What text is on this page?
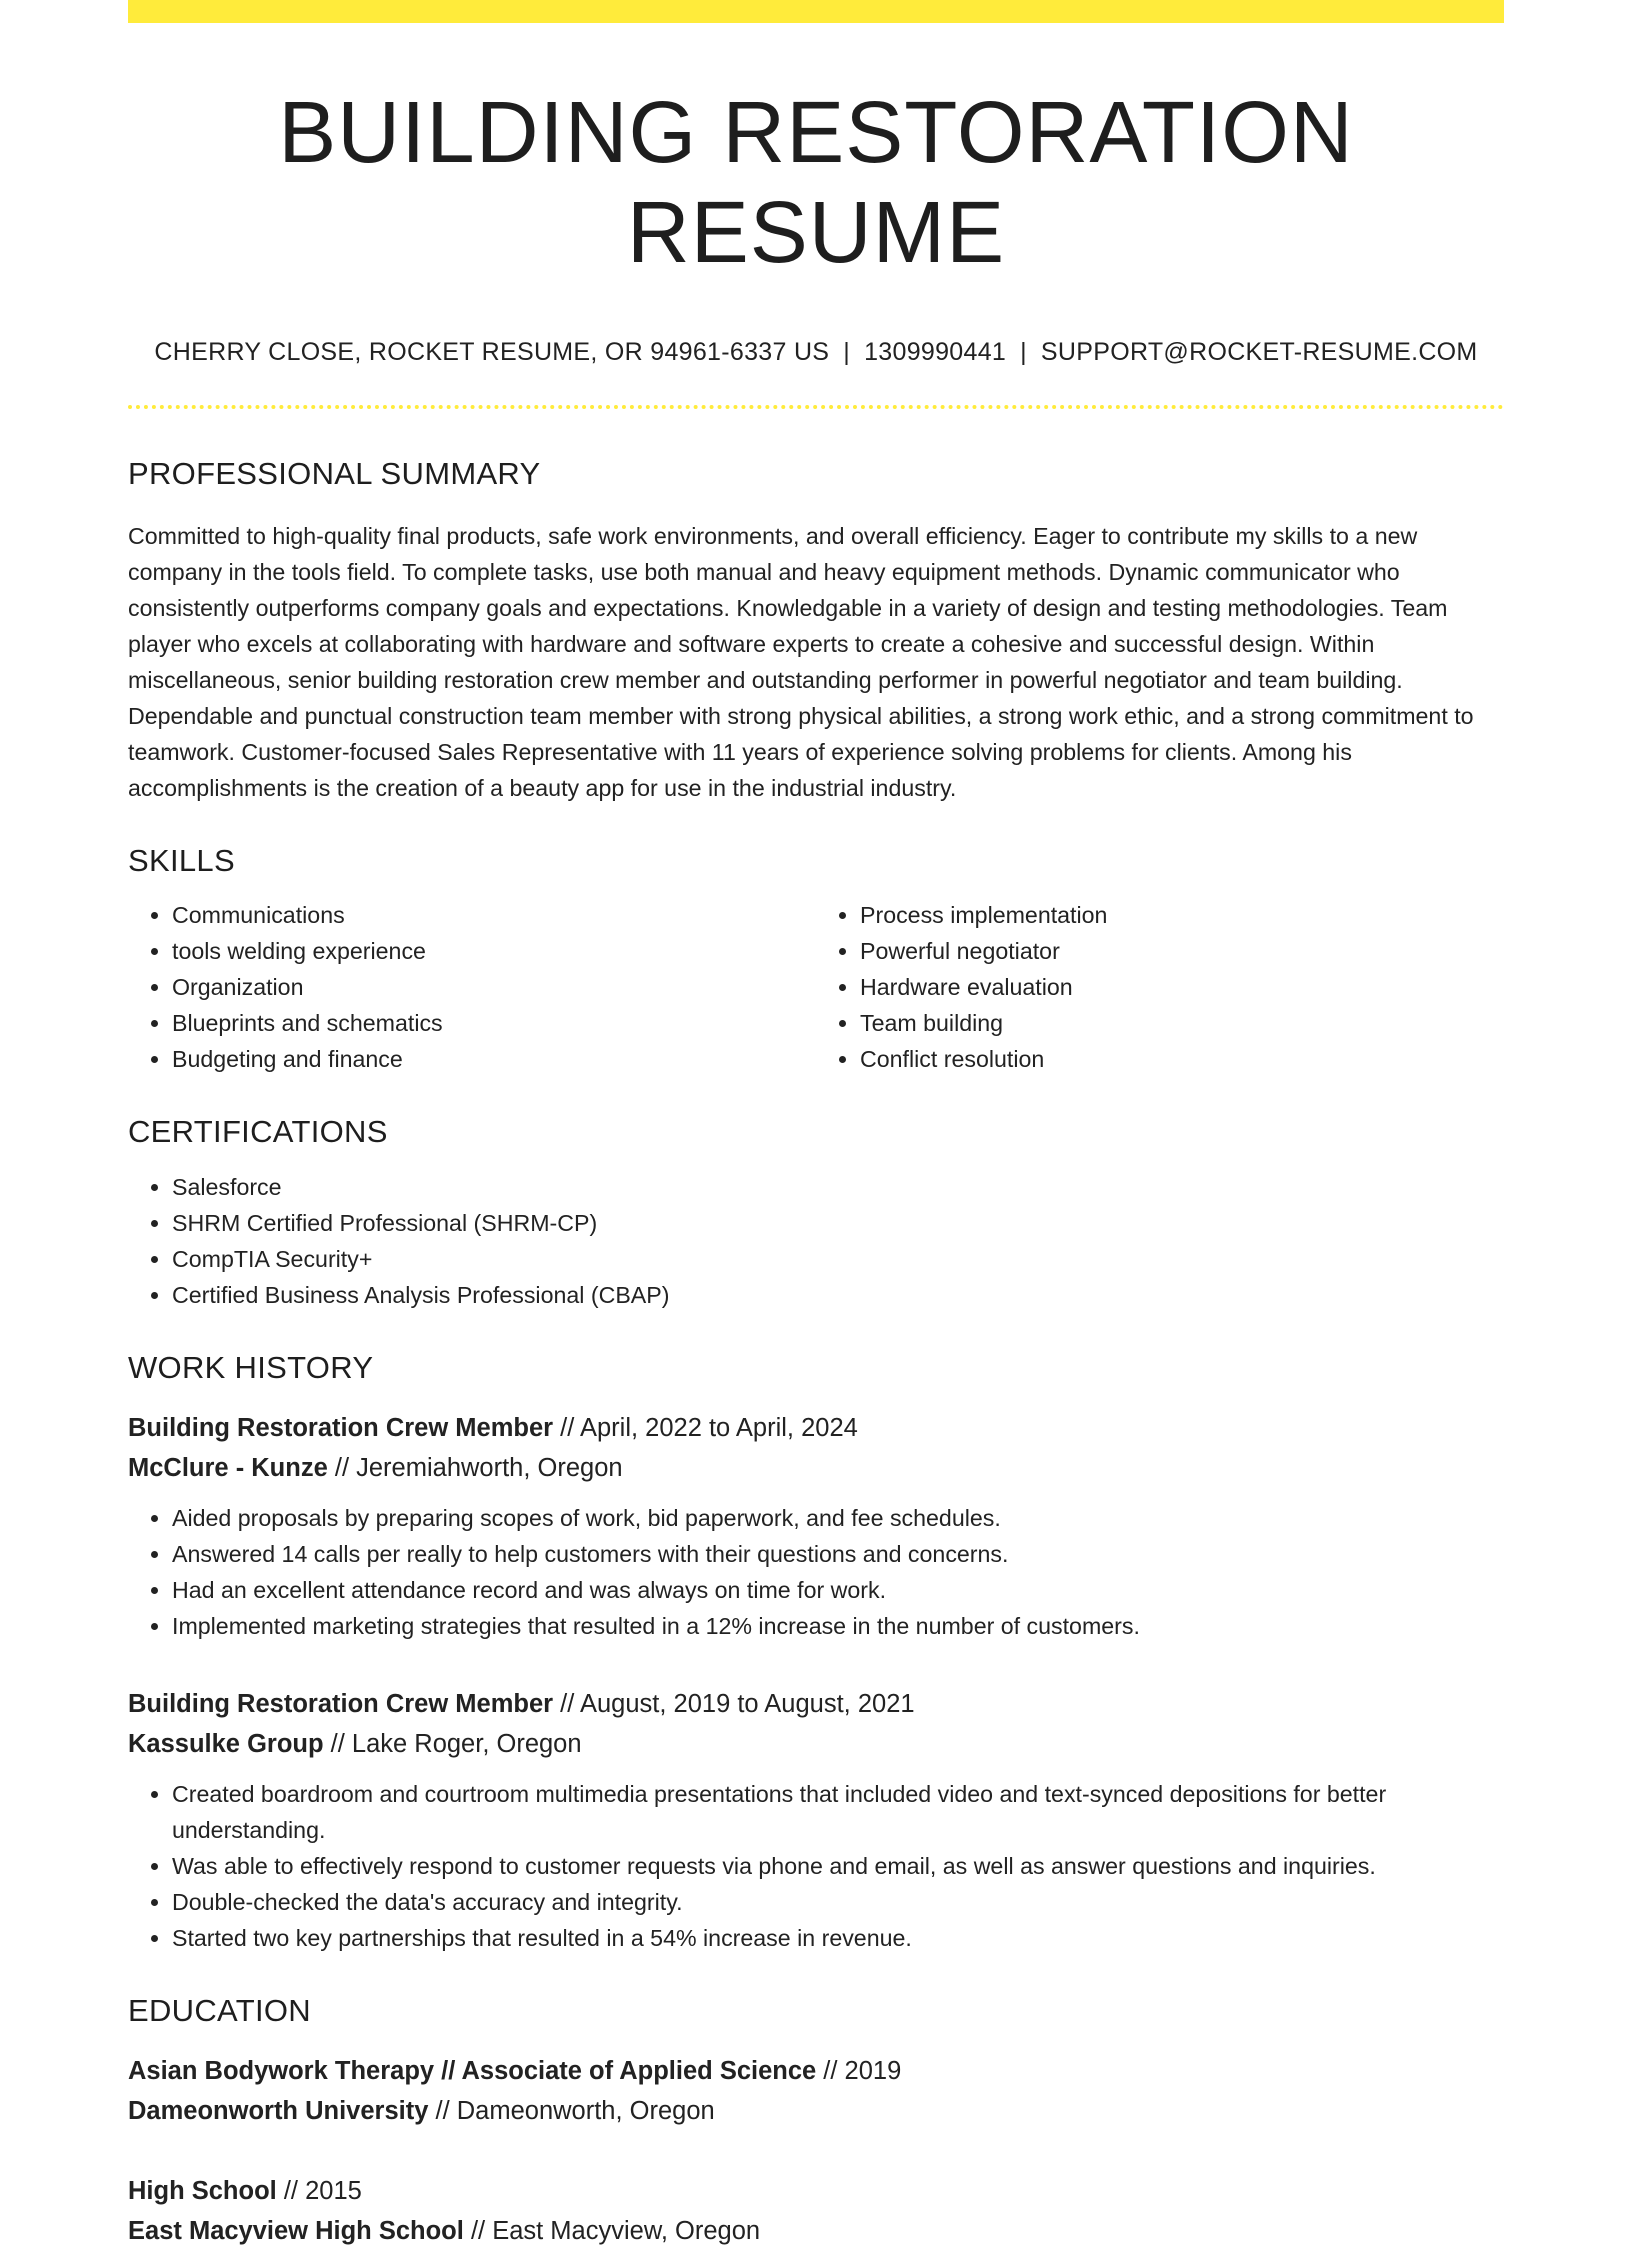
BUILDING RESTORATION RESUME
CHERRY CLOSE, ROCKET RESUME, OR 94961-6337 US | 1309990441 | SUPPORT@ROCKET-RESUME.COM
PROFESSIONAL SUMMARY

Committed to high-quality final products, safe work environments, and overall efficiency. Eager to contribute my skills to a new company in the tools field. To complete tasks, use both manual and heavy equipment methods. Dynamic communicator who consistently outperforms company goals and expectations. Knowledgable in a variety of design and testing methodologies. Team player who excels at collaborating with hardware and software experts to create a cohesive and successful design. Within miscellaneous, senior building restoration crew member and outstanding performer in powerful negotiator and team building. Dependable and punctual construction team member with strong physical abilities, a strong work ethic, and a strong commitment to teamwork. Customer-focused Sales Representative with 11 years of experience solving problems for clients. Among his accomplishments is the creation of a beauty app for use in the industrial industry.

SKILLS
• Communications
• tools welding experience
• Organization
• Blueprints and schematics
• Budgeting and finance
• Process implementation
• Powerful negotiator
• Hardware evaluation
• Team building
• Conflict resolution
CERTIFICATIONS
• Salesforce
• SHRM Certified Professional (SHRM-CP)
• CompTIA Security+
• Certified Business Analysis Professional (CBAP)
WORK HISTORY
Building Restoration Crew Member // April, 2022 to April, 2024
McClure - Kunze // Jeremiahworth, Oregon
• Aided proposals by preparing scopes of work, bid paperwork, and fee schedules.
• Answered 14 calls per really to help customers with their questions and concerns.
• Had an excellent attendance record and was always on time for work.
• Implemented marketing strategies that resulted in a 12% increase in the number of customers.
Building Restoration Crew Member // August, 2019 to August, 2021
Kassulke Group // Lake Roger, Oregon
• Created boardroom and courtroom multimedia presentations that included video and text-synced depositions for better understanding.
• Was able to effectively respond to customer requests via phone and email, as well as answer questions and inquiries.
• Double-checked the data's accuracy and integrity.
• Started two key partnerships that resulted in a 54% increase in revenue.
EDUCATION
Asian Bodywork Therapy // Associate of Applied Science // 2019
Dameonworth University // Dameonworth, Oregon
High School // 2015
East Macyview High School // East Macyview, Oregon
